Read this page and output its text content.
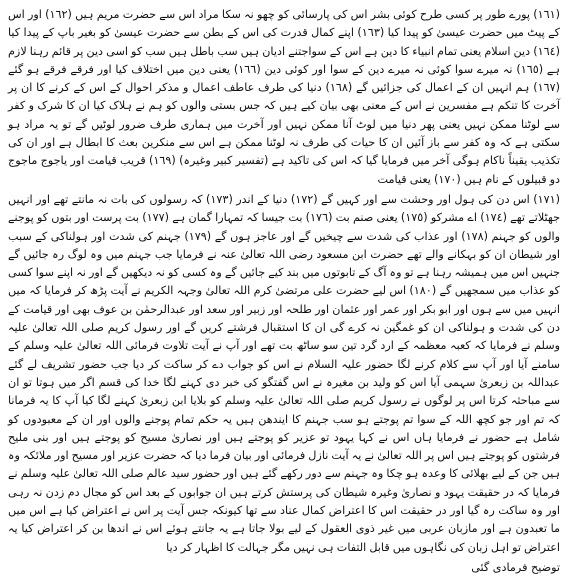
(١٦١) پورے طور پر کسی طرح کوئی بشر اس کی پارسائی کو چھو نہ سکا مراد اس سے حضرت مریم ہیں (١٦٢) اور اس کے پیٹ میں حضرت عیسیٰ کو پیدا کیا (١٦٣) اپنے کمال قدرت کی اس کے بطن سے حضرت عیسیٰ کو بغیر باپ کے پیدا کیا (١٦٤) دین اسلام یعنی تمام انبیاء کا دین ہے اس کے سواجتنے ادیان ہیں سب باطل ہیں سب کو اسی دین پر قائم رہنا لازم ہے (١٦٥) نہ میرے سوا کوئی نہ میرے دین کے سوا اور کوئی دین (١٦٦) یعنی دین میں اختلاف کیا اور فرقے فرقے ہو گئے (١٦٧) ہم انہیں ان کے اعمال کی جزائیں گے (١٦٨) دنیا کی طرف عاطف اعمال و مذکر احوال کے اس کے کرنے کا ان پر آخرت کا تنکم ہے مفسرین نے اس کے معنی بھی بیان کیے ہیں کہ جس بستی والوں کو ہم نے ہلاک کیا ان کا شرک و کفر سے لوٹنا ممکن نہیں یعنی پھر دنیا میں لوٹ آنا ممکن نہیں اور آخرت میں ہماری طرف ضرور لوٹیں گے تو یہ مراد ہو سکتی ہے کہ وہ کفر سے باز آئیں ان کا حیات کی طرف نہ لوٹنا ممکن ہے اس سے منکرین بعث کا ابطال ہے اور ان کی تکذیب یقیناً ناکام ہوگی آخر میں فرمایا گیا کہ اس کی تاکید ہے (تفسیر کبیر وغیرہ) (١٦٩) قریب قیامت اور یاجوج ماجوج دو قبیلوں کے نام ہیں (١٧٠) یعنی قیامت

(١٧١) اس دن کی ہول اور وحشت سے اور کہیں گے (١٧٢) دنیا کے اندر (١٧٣) کہ رسولوں کی بات نہ مانتے تھے اور انہیں جھٹلاتے تھے (١٧٤) اے مشرکو (١٧٥) یعنی صنم بت (١٧٦) بت جیسا کہ تمہارا گمان ہے (١٧٧) بت پرست اور بتوں کو پوجنے والوں کو جہنم (١٧٨) اور عذاب کی شدت سے چیخیں گے اور عاجز ہوں گے (١٧٩) جہنم کی شدت اور ہولناکی کے سبب اور شیطان ان کو بہکانے والے تھے حضرت ابن مسعود رضی اللہ تعالیٰ عنہ نے فرمایا جب جہنم میں وہ لوگ رہ جائیں گے جنہیں اس میں ہمیشہ رہنا ہے تو وہ آگ کے تابوتوں میں بند کیے جائیں گے وہ کسی کو نہ دیکھیں گے اور نہ اپنے سوا کسی کو عذاب میں سمجھیں گے (١٨٠) اس لیے حضرت علی مرتضیٰ کرم اللہ تعالیٰ وجہہ الکریم نے آیت پڑھ کر فرمایا کہ میں انہیں میں سے ہوں اور ابو بکر اور عمر اور عثمان اور طلحہ اور زبیر اور سعد اور عبدالرحمٰن بن عوف بھی اور قیامت کے دن کی شدت و ہولناکی ان کو غمگین نہ کرے گی ان کا استقبال فرشتے کریں گے اور رسول کریم صلی اللہ تعالیٰ علیہ وسلم نے فرمایا کہ کعبہ معظمہ کے ارد گرد تین سو ساٹھ بت تھے اور آپ نے آیت تلاوت فرمائی اللہ تعالیٰ علیہ وسلم کے سامنے آیا اور آپ سے کلام کرنے لگا حضور علیہ السلام نے اس کو جواب دے کر ساکت کر دیا جب حضور تشریف لے گئے عبداللہ بن زبعریٰ سہمی آیا اس کو ولید بن مغیرہ نے اس گفتگو کی خبر دی کہنے لگا خدا کی قسم اگر میں ہوتا تو ان سے مباحثہ کرتا اس پر لوگوں نے رسول کریم صلی اللہ تعالیٰ علیہ وسلم کو بلایا ابن زبعریٰ کہنے لگا کیا آپ کا یہ فرمانا کہ تم اور جو کچھ اللہ کے سوا تم پوجتے ہو سب جہنم کا ایندھن ہیں یہ حکم تمام پوجنے والوں اور ان کے معبودوں کو شامل ہے حضور نے فرمایا ہاں اس نے کہا یہود تو عزیر کو پوجتے ہیں اور نصاریٰ مسیح کو پوجتے ہیں اور بنی ملیح فرشتوں کو پوجتے ہیں اس پر اللہ تعالیٰ نے یہ آیت نازل فرمائی اور بیان فرما دیا کہ حضرت عزیر اور مسیح اور ملائکہ وہ ہیں جن کے لیے بھلائی کا وعدہ ہو چکا وہ جہنم سے دور رکھے گئے ہیں اور حضور سید عالم صلی اللہ تعالیٰ علیہ وسلم نے فرمایا کہ در حقیقت یہود و نصاریٰ وغیرہ شیطان کی پرستش کرتے ہیں ان جوابوں کے بعد اس کو مجال دم زدن نہ رہی اور وہ ساکت رہ گیا اور در حقیقت اس کا اعتراض کمال عناد سے تھا کیونکہ جس آیت پر اس نے اعتراض کیا ہے اس میں ما تعبدون ہے اور مازبان عربی میں غیر ذوی العقول کے لیے بولا جاتا ہے یہ جانتے ہوئے اس نے اندھا بن کر اعتراض کیا یہ اعتراض تو اہل زبان کی نگاہوں میں قابل التفات ہی نہیں مگر جہالت کا اظہار کر دیا

توضیح فرمادی گئی
